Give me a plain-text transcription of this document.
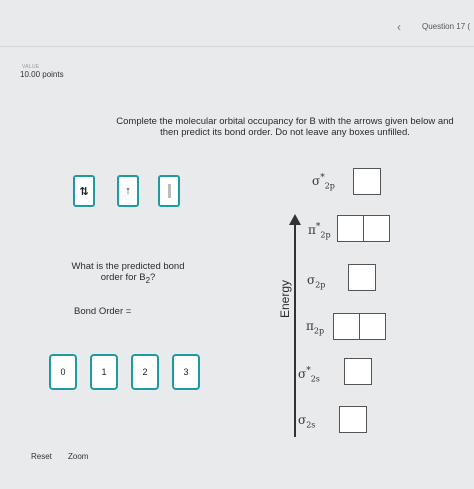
‹	Question 17 (
VALUE
10.00 points
Complete the molecular orbital occupancy for B with the arrows given below and
then predict its bond order. Do not leave any boxes unfilled.
⇅	↑
What is the predicted bond
order for $B_2$?
Bond Order =
0	1	2	3
Energy
$\sigma^*_{2p}$
$\pi^*_{2p}$
$\sigma_{2p}$
$\pi_{2p}$
$\sigma^*_{2s}$
$\sigma_{2s}$
Reset Zoom
